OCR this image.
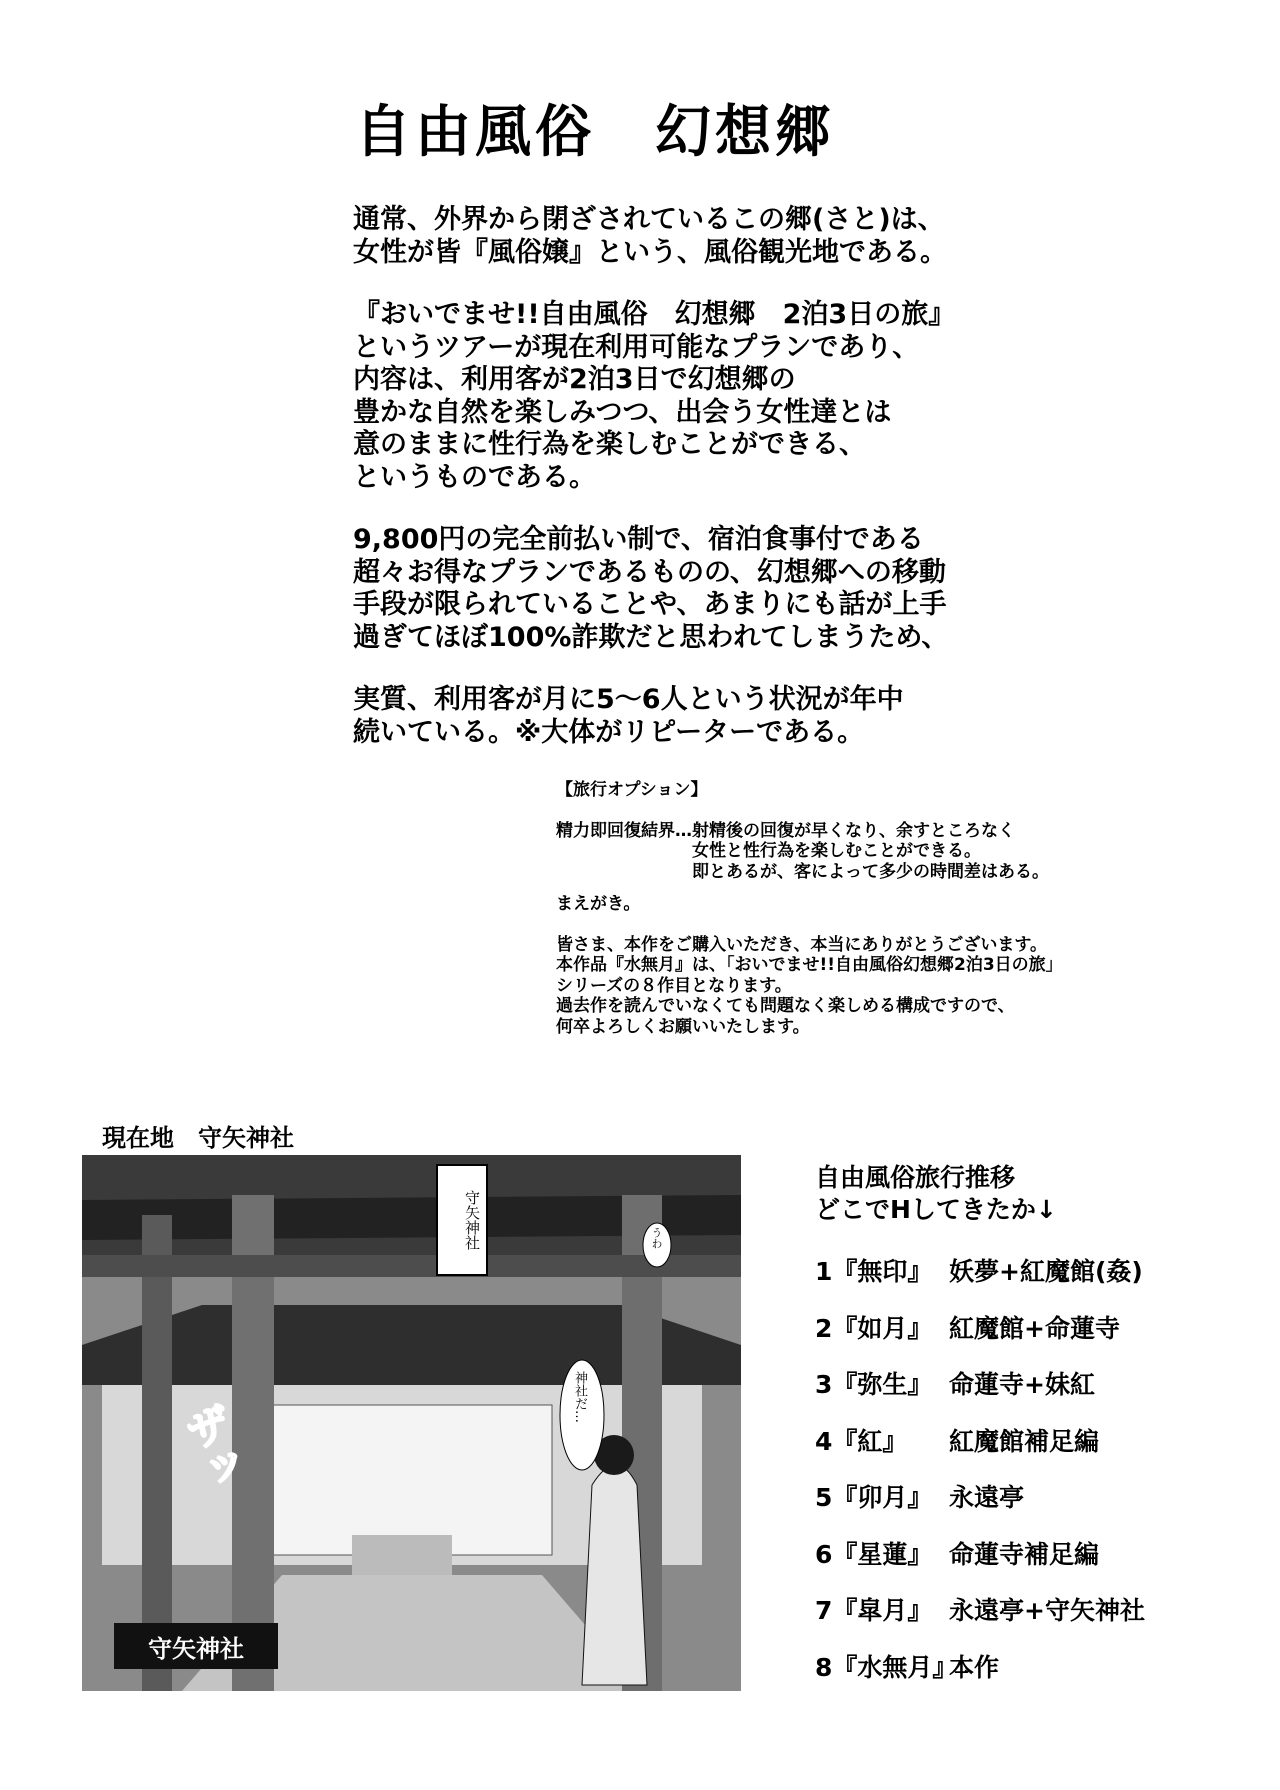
自由風俗　幻想郷

通常、外界から閉ざされているこの郷(さと)は、
女性が皆『風俗嬢』という、風俗観光地である。

『おいでませ!!自由風俗　幻想郷　2泊3日の旅』
というツアーが現在利用可能なプランであり、
内容は、利用客が2泊3日で幻想郷の
豊かな自然を楽しみつつ、出会う女性達とは
意のままに性行為を楽しむことができる、
というものである。

9,800円の完全前払い制で、宿泊食事付である
超々お得なプランであるものの、幻想郷への移動
手段が限られていることや、あまりにも話が上手
過ぎてほぼ100%詐欺だと思われてしまうため、

実質、利用客が月に5～6人という状況が年中
続いている。※大体がリピーターである。

【旅行オプション】
精力即回復結界…射精後の回復が早くなり、余すところなく
　　　　　　　　女性と性行為を楽しむことができる。
　　　　　　　　即とあるが、客によって多少の時間差はある。
まえがき。
皆さま、本作をご購入いただき、本当にありがとうございます。
本作品『水無月』は、「おいでませ!!自由風俗幻想郷2泊3日の旅」
シリーズの８作目となります。
過去作を読んでいなくても問題なく楽しめる構成ですので、
何卒よろしくお願いいたします。
現在地　守矢神社
守矢神社
神社だ…
うわ
ザッ
守矢神社
自由風俗旅行推移
どこでHしてきたか↓
1『無印』 妖夢+紅魔館(姦)
2『如月』 紅魔館+命蓮寺
3『弥生』 命蓮寺+妹紅
4『紅』	紅魔館補足編
5『卯月』 永遠亭
6『星蓮』 命蓮寺補足編
7『皐月』 永遠亭+守矢神社
8『水無月』
本作
